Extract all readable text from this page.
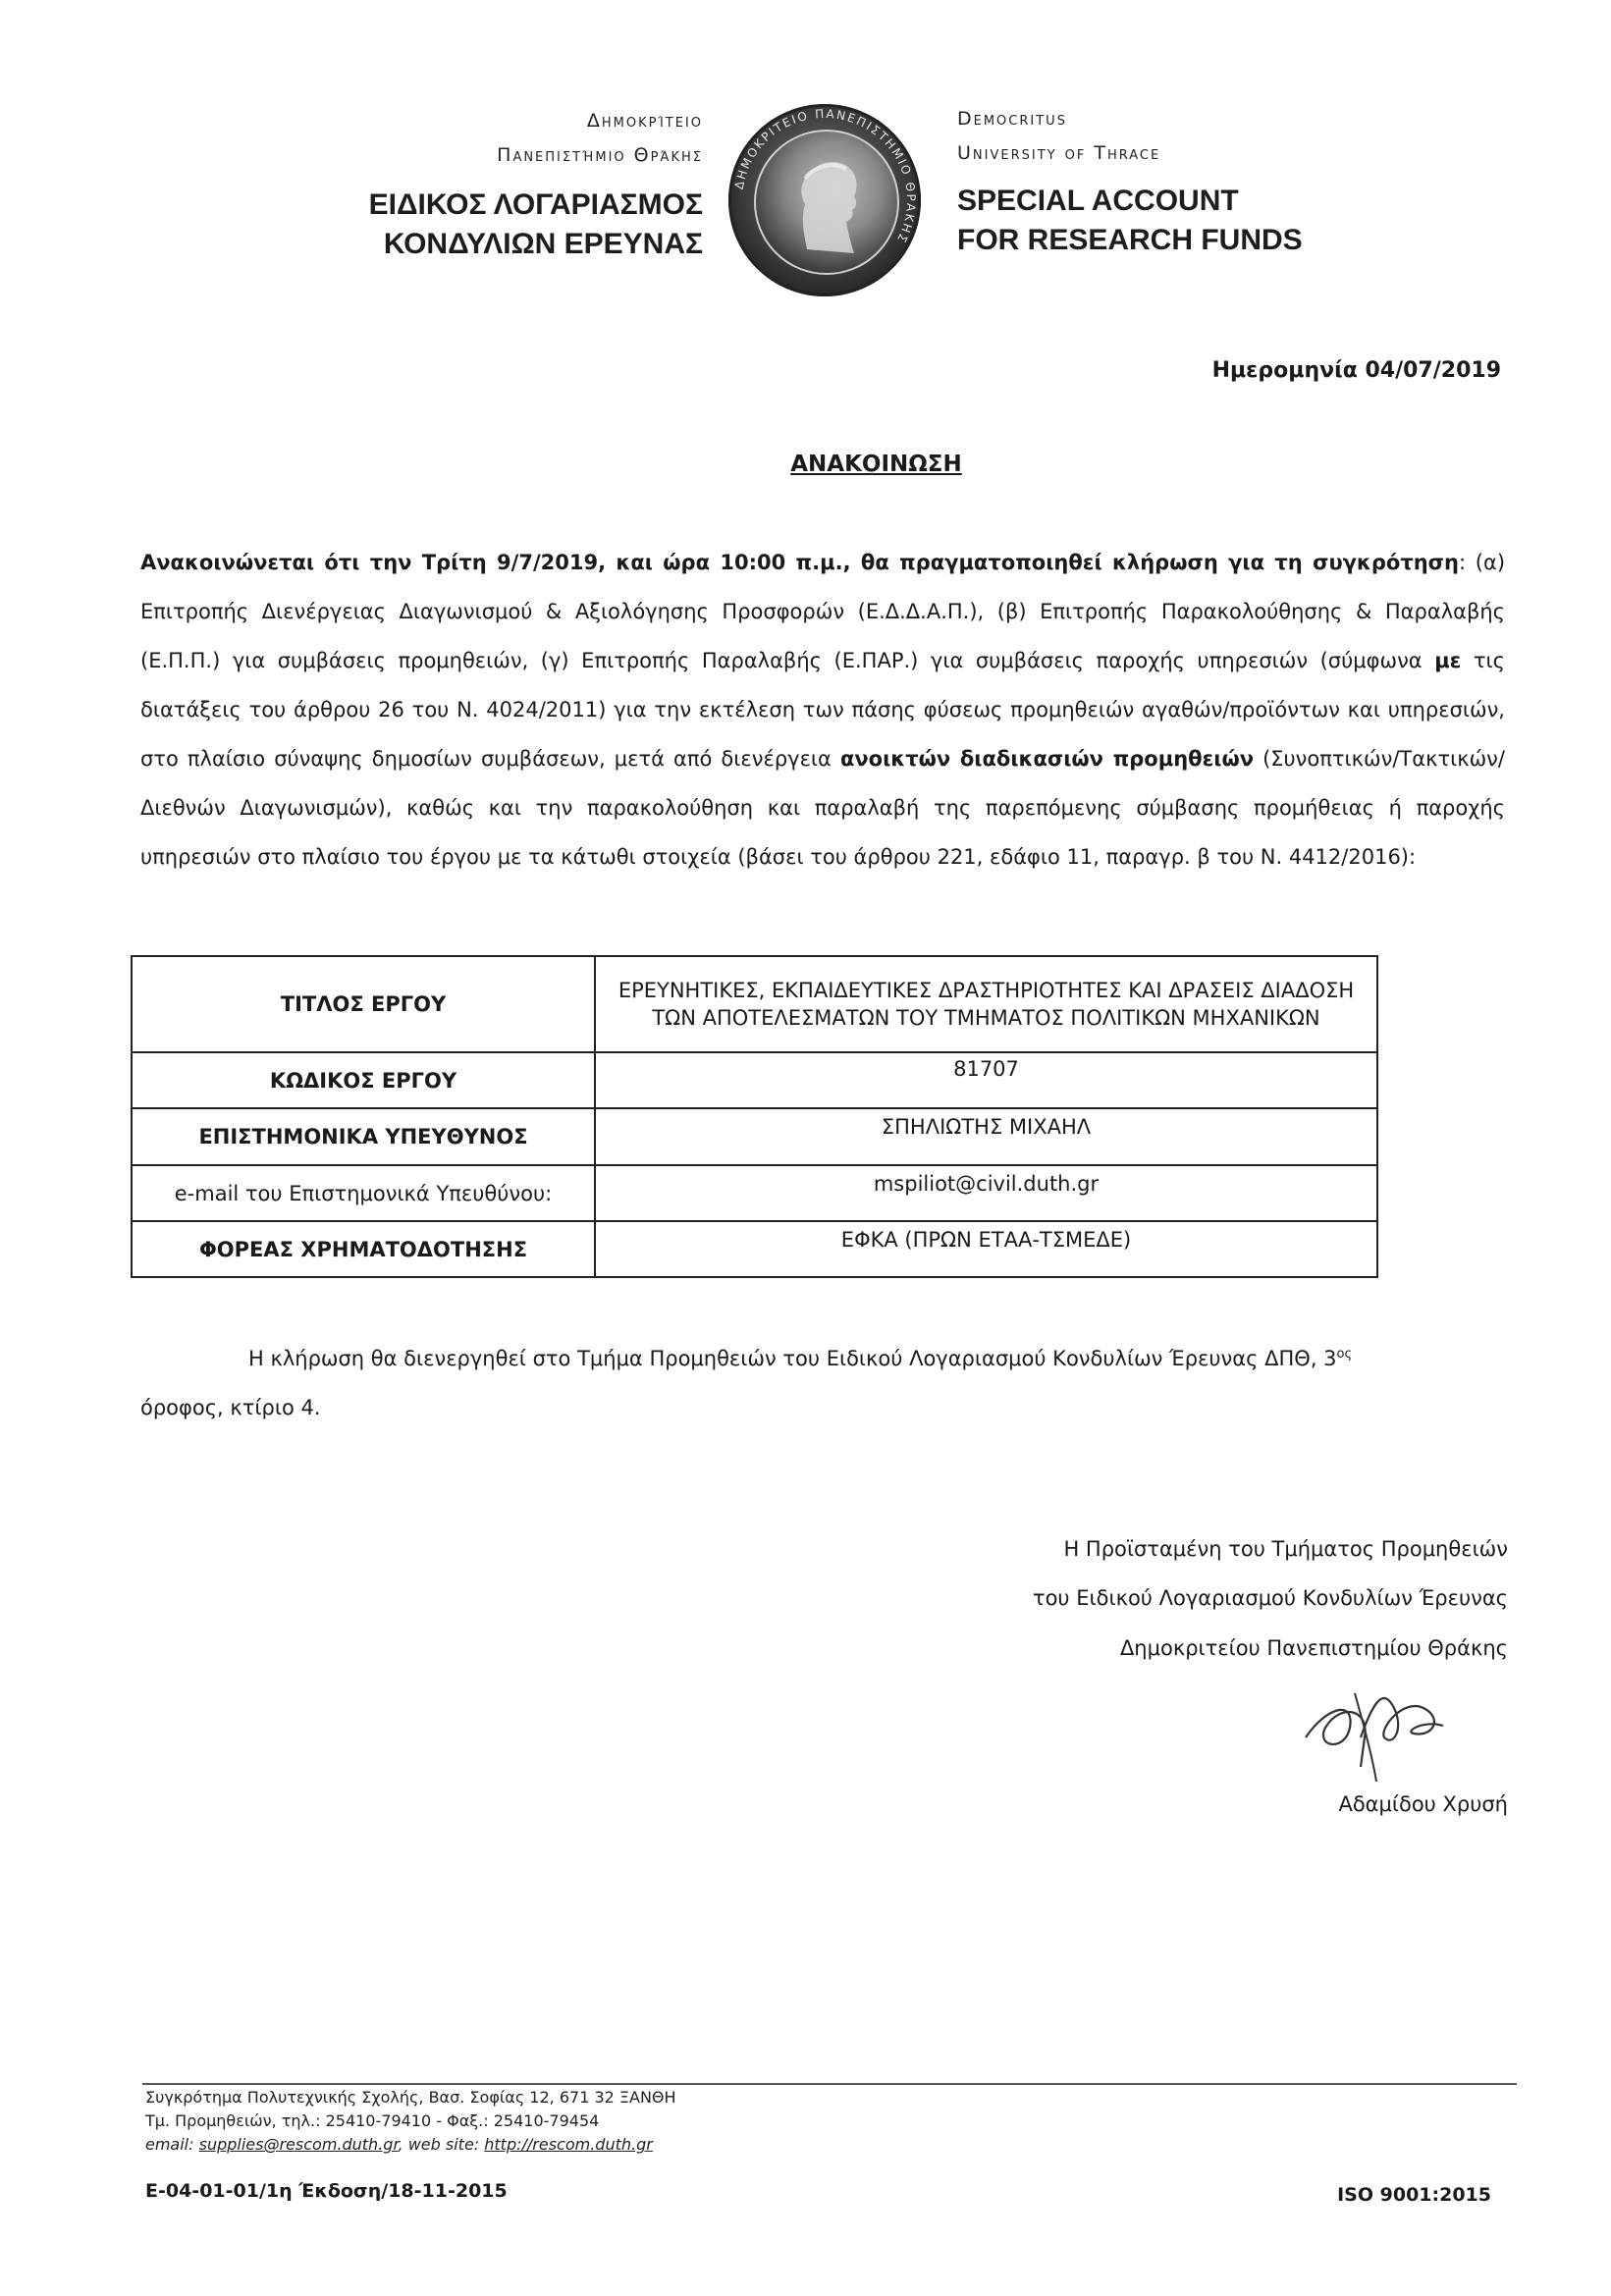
Δημοκρίτειο
Πανεπιστήμιο Θράκης
ΕΙΔΙΚΟΣ ΛΟΓΑΡΙΑΣΜΟΣ
ΚΟΝΔΥΛΙΩΝ ΕΡΕΥΝΑΣ
ΔΗΜΟΚΡΙΤΕΙΟ ΠΑΝΕΠΙΣΤΗΜΙΟ ΘΡΑΚΗΣ
Democritus
University of Thrace
SPECIAL ACCOUNT
FOR RESEARCH FUNDS
Ημερομηνία 04/07/2019
ΑΝΑΚΟΙΝΩΣΗ
Ανακοινώνεται ότι την Τρίτη 9/7/2019, και ώρα 10:00 π.μ., θα πραγματοποιηθεί κλήρωση για τη συγκρότηση: (α) Επιτροπής Διενέργειας Διαγωνισμού & Αξιολόγησης Προσφορών (Ε.Δ.Δ.Α.Π.), (β) Επιτροπής Παρακολούθησης & Παραλαβής (Ε.Π.Π.) για συμβάσεις προμηθειών, (γ) Επιτροπής Παραλαβής (Ε.ΠΑΡ.) για συμβάσεις παροχής υπηρεσιών (σύμφωνα με τις διατάξεις του άρθρου 26 του Ν. 4024/2011) για την εκτέλεση των πάσης φύσεως προμηθειών αγαθών/προϊόντων και υπηρεσιών, στο πλαίσιο σύναψης δημοσίων συμβάσεων, μετά από διενέργεια ανοικτών διαδικασιών προμηθειών (Συνοπτικών/Τακτικών/Διεθνών Διαγωνισμών), καθώς και την παρακολούθηση και παραλαβή της παρεπόμενης σύμβασης προμήθειας ή παροχής υπηρεσιών στο πλαίσιο του έργου με τα κάτωθι στοιχεία (βάσει του άρθρου 221, εδάφιο 11, παραγρ. β του Ν. 4412/2016):
ΤΙΤΛΟΣ ΕΡΓΟΥ	ΕΡΕΥΝΗΤΙΚΕΣ, ΕΚΠΑΙΔΕΥΤΙΚΕΣ ΔΡΑΣΤΗΡΙΟΤΗΤΕΣ ΚΑΙ ΔΡΑΣΕΙΣ ΔΙΑΔΟΣΗ ΤΩΝ ΑΠΟΤΕΛΕΣΜΑΤΩΝ ΤΟΥ ΤΜΗΜΑΤΟΣ ΠΟΛΙΤΙΚΩΝ ΜΗΧΑΝΙΚΩΝ
ΚΩΔΙΚΟΣ ΕΡΓΟΥ	81707
ΕΠΙΣΤΗΜΟΝΙΚΑ ΥΠΕΥΘΥΝΟΣ	ΣΠΗΛΙΩΤΗΣ ΜΙΧΑΗΛ
e-mail του Επιστημονικά Υπευθύνου:	mspiliot@civil.duth.gr
ΦΟΡΕΑΣ ΧΡΗΜΑΤΟΔΟΤΗΣΗΣ	ΕΦΚΑ (ΠΡΩΝ ΕΤΑΑ-ΤΣΜΕΔΕ)
Η κλήρωση θα διενεργηθεί στο Τμήμα Προμηθειών του Ειδικού Λογαριασμού Κονδυλίων Έρευνας ΔΠΘ, $3^{o\varsigma}$
όροφος, κτίριο 4.
Η Προϊσταμένη του Τμήματος Προμηθειών
του Ειδικού Λογαριασμού Κονδυλίων Έρευνας
Δημοκριτείου Πανεπιστημίου Θράκης
Αδαμίδου Χρυσή
Συγκρότημα Πολυτεχνικής Σχολής, Βασ. Σοφίας 12, 671 32 ΞΑΝΘΗ
Τμ. Προμηθειών, τηλ.: 25410-79410 - Φαξ.: 25410-79454
email: supplies@rescom.duth.gr, web site: http://rescom.duth.gr
Ε-04-01-01/1η Έκδοση/18-11-2015	ISO 9001:2015
